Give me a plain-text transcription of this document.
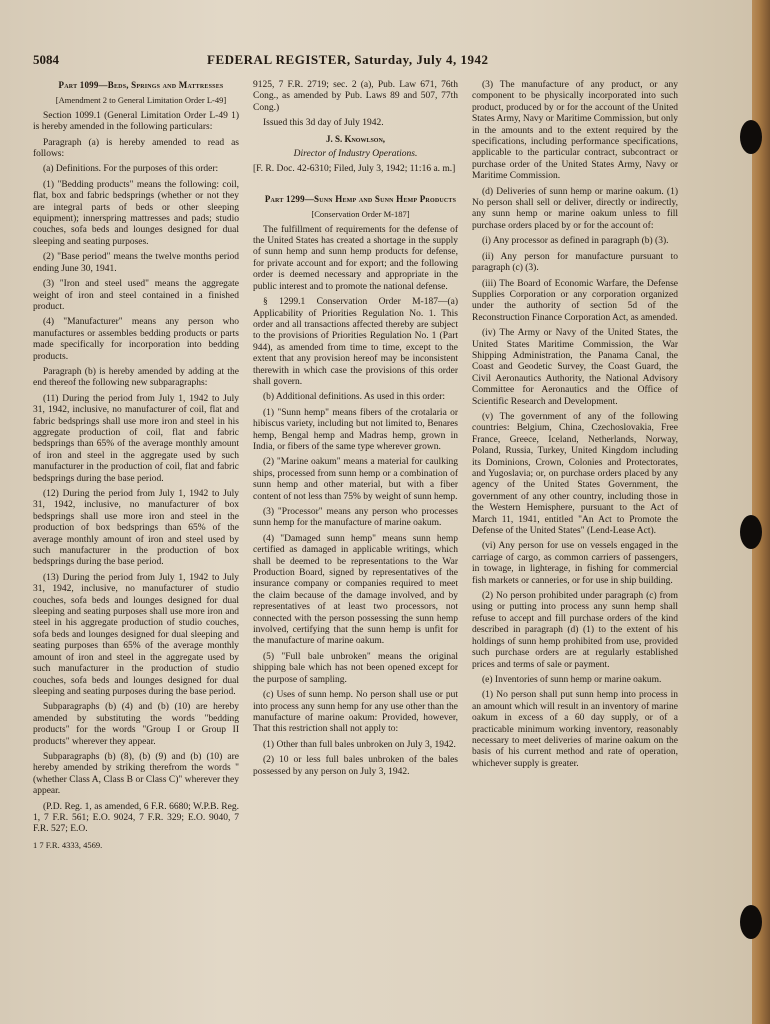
5084	FEDERAL REGISTER, Saturday, July 4, 1942

Part 1099—Beds, Springs and Mattresses

[Amendment 2 to General Limitation Order L-49]

Section 1099.1 (General Limitation Order L-49 1) is hereby amended in the following particulars:

Paragraph (a) is hereby amended to read as follows:

(a) Definitions. For the purposes of this order:

(1) "Bedding products" means the following: coil, flat, box and fabric bedsprings (whether or not they are integral parts of beds or other sleeping equipment); innerspring mattresses and pads; studio couches, sofa beds and lounges designed for dual sleeping and seating purposes.

(2) "Base period" means the twelve months period ending June 30, 1941.

(3) "Iron and steel used" means the aggregate weight of iron and steel contained in a finished product.

(4) "Manufacturer" means any person who manufactures or assembles bedding products or parts made specifically for incorporation into bedding products.

Paragraph (b) is hereby amended by adding at the end thereof the following new subparagraphs:

(11) During the period from July 1, 1942 to July 31, 1942, inclusive, no manufacturer of coil, flat and fabric bedsprings shall use more iron and steel in his aggregate production of coil, flat and fabric bedsprings than 65% of the average monthly amount of iron and steel in the aggregate used by such manufacturer in the production of coil, flat and fabric bedsprings during the base period.

(12) During the period from July 1, 1942 to July 31, 1942, inclusive, no manufacturer of box bedsprings shall use more iron and steel in the production of box bedsprings than 65% of the average monthly amount of iron and steel used by such manufacturer in the production of box bedsprings during the base period.

(13) During the period from July 1, 1942 to July 31, 1942, inclusive, no manufacturer of studio couches, sofa beds and lounges designed for dual sleeping and seating purposes shall use more iron and steel in his aggregate production of studio couches, sofa beds and lounges designed for dual sleeping and seating purposes than 65% of the average monthly amount of iron and steel in the aggregate used by such manufacturer in the production of studio couches, sofa beds and lounges designed for dual sleeping and seating purposes during the base period.

Subparagraphs (b) (4) and (b) (10) are hereby amended by substituting the words "bedding products" for the words "Group I or Group II products" wherever they appear.

Subparagraphs (b) (8), (b) (9) and (b) (10) are hereby amended by striking therefrom the words "(whether Class A, Class B or Class C)" wherever they appear.

(P.D. Reg. 1, as amended, 6 F.R. 6680; W.P.B. Reg. 1, 7 F.R. 561; E.O. 9024, 7 F.R. 329; E.O. 9040, 7 F.R. 527; E.O.

1 7 F.R. 4333, 4569.

9125, 7 F.R. 2719; sec. 2 (a), Pub. Law 671, 76th Cong., as amended by Pub. Laws 89 and 507, 77th Cong.)

Issued this 3d day of July 1942.

J. S. Knowlson,

Director of Industry Operations.

[F. R. Doc. 42-6310; Filed, July 3, 1942; 11:16 a. m.]

Part 1299—Sunn Hemp and Sunn Hemp Products

[Conservation Order M-187]

The fulfillment of requirements for the defense of the United States has created a shortage in the supply of sunn hemp and sunn hemp products for defense, for private account and for export; and the following order is deemed necessary and appropriate in the public interest and to promote the national defense.

§ 1299.1 Conservation Order M-187—(a) Applicability of Priorities Regulation No. 1. This order and all transactions affected thereby are subject to the provisions of Priorities Regulation No. 1 (Part 944), as amended from time to time, except to the extent that any provision hereof may be inconsistent therewith in which case the provisions of this order shall govern.

(b) Additional definitions. As used in this order:

(1) "Sunn hemp" means fibers of the crotalaria or hibiscus variety, including but not limited to, Benares hemp, Bengal hemp and Madras hemp, grown in India, or fibers of the same type wherever grown.

(2) "Marine oakum" means a material for caulking ships, processed from sunn hemp or a combination of sunn hemp and other material, but with a fiber content of not less than 75% by weight of sunn hemp.

(3) "Processor" means any person who processes sunn hemp for the manufacture of marine oakum.

(4) "Damaged sunn hemp" means sunn hemp certified as damaged in applicable writings, which shall be deemed to be representations to the War Production Board, signed by representatives of the insurance company or companies required to meet the claim because of the damage involved, and by representatives of at least two processors, not connected with the person possessing the sunn hemp involved, certifying that the sunn hemp is unfit for the manufacture of marine oakum.

(5) "Full bale unbroken" means the original shipping bale which has not been opened except for the purpose of sampling.

(c) Uses of sunn hemp. No person shall use or put into process any sunn hemp for any use other than the manufacture of marine oakum: Provided, however, That this restriction shall not apply to:

(1) Other than full bales unbroken on July 3, 1942.

(2) 10 or less full bales unbroken of the bales possessed by any person on July 3, 1942.

(3) The manufacture of any product, or any component to be physically incorporated into such product, produced by or for the account of the United States Army, Navy or Maritime Commission, but only in the amounts and to the extent required by the specifications, including performance specifications, applicable to the particular contract, subcontract or purchase order of the United States Army, Navy or Maritime Commission.

(d) Deliveries of sunn hemp or marine oakum. (1) No person shall sell or deliver, directly or indirectly, any sunn hemp or marine oakum unless to fill purchase orders placed by or for the account of:

(i) Any processor as defined in paragraph (b) (3).

(ii) Any person for manufacture pursuant to paragraph (c) (3).

(iii) The Board of Economic Warfare, the Defense Supplies Corporation or any corporation organized under the authority of section 5d of the Reconstruction Finance Corporation Act, as amended.

(iv) The Army or Navy of the United States, the United States Maritime Commission, the War Shipping Administration, the Panama Canal, the Coast and Geodetic Survey, the Coast Guard, the Civil Aeronautics Authority, the National Advisory Committee for Aeronautics and the Office of Scientific Research and Development.

(v) The government of any of the following countries: Belgium, China, Czechoslovakia, Free France, Greece, Iceland, Netherlands, Norway, Poland, Russia, Turkey, United Kingdom including its Dominions, Crown, Colonies and Protectorates, and Yugoslavia; or, on purchase orders placed by any agency of the United States Government, the government of any other country, including those in the Western Hemisphere, pursuant to the Act of March 11, 1941, entitled "An Act to Promote the Defense of the United States" (Lend-Lease Act).

(vi) Any person for use on vessels engaged in the carriage of cargo, as common carriers of passengers, in towage, in lighterage, in fishing for commercial fish markets or canneries, or for use in ship building.

(2) No person prohibited under paragraph (c) from using or putting into process any sunn hemp shall refuse to accept and fill purchase orders of the kind described in paragraph (d) (1) to the extent of his holdings of sunn hemp prohibited from use, provided such purchase orders are at regularly established prices and terms of sale or payment.

(e) Inventories of sunn hemp or marine oakum.

(1) No person shall put sunn hemp into process in an amount which will result in an inventory of marine oakum in excess of a 60 day supply, or of a practicable minimum working inventory, reasonably necessary to meet deliveries of marine oakum on the basis of his current method and rate of operation, whichever supply is greater.
